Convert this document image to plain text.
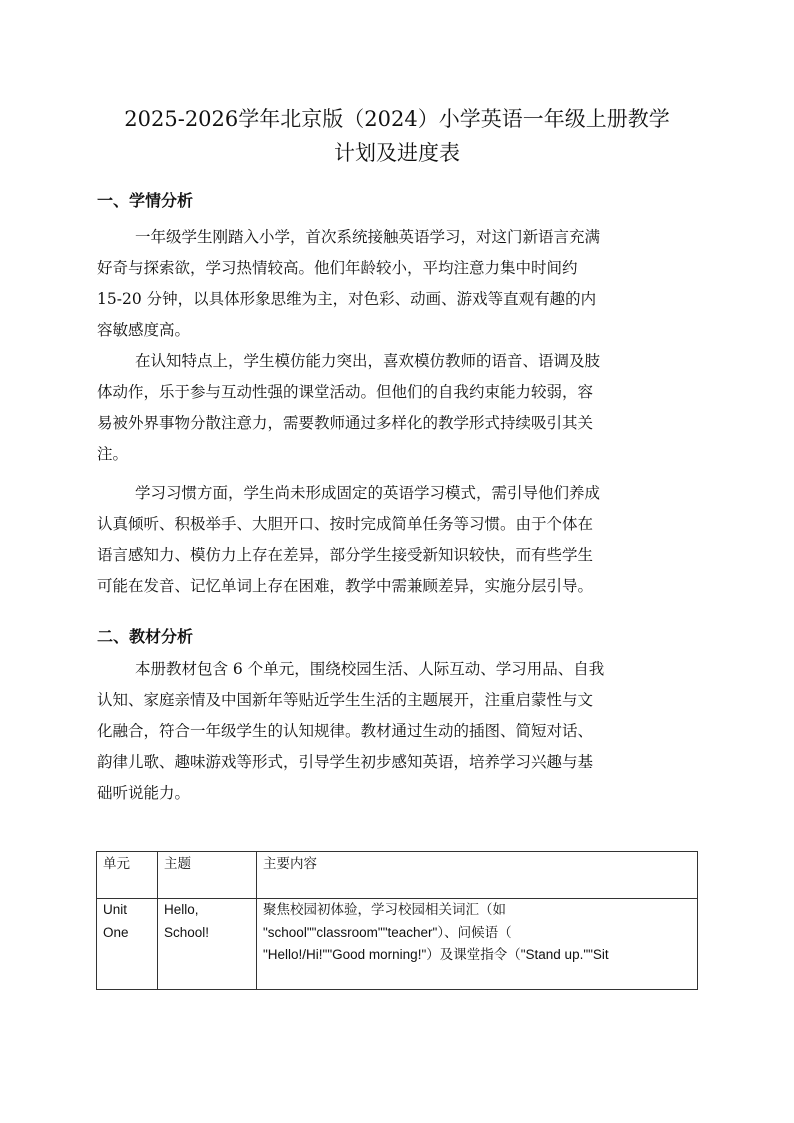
2025-2026学年北京版（2024）小学英语一年级上册教学
计划及进度表
一、学情分析
一年级学生刚踏入小学，首次系统接触英语学习，对这门新语言充满
好奇与探索欲，学习热情较高。他们年龄较小，平均注意力集中时间约
15-20 分钟，以具体形象思维为主，对色彩、动画、游戏等直观有趣的内
容敏感度高。
在认知特点上，学生模仿能力突出，喜欢模仿教师的语音、语调及肢
体动作，乐于参与互动性强的课堂活动。但他们的自我约束能力较弱，容
易被外界事物分散注意力，需要教师通过多样化的教学形式持续吸引其关
注。
学习习惯方面，学生尚未形成固定的英语学习模式，需引导他们养成
认真倾听、积极举手、大胆开口、按时完成简单任务等习惯。由于个体在
语言感知力、模仿力上存在差异，部分学生接受新知识较快，而有些学生
可能在发音、记忆单词上存在困难，教学中需兼顾差异，实施分层引导。
二、教材分析
本册教材包含 6 个单元，围绕校园生活、人际互动、学习用品、自我
认知、家庭亲情及中国新年等贴近学生生活的主题展开，注重启蒙性与文
化融合，符合一年级学生的认知规律。教材通过生动的插图、简短对话、
韵律儿歌、趣味游戏等形式，引导学生初步感知英语，培养学习兴趣与基
础听说能力。
单元	主题	主要内容

Unit
One	Hello,
School!	聚焦校园初体验，学习校园相关词汇（如
"school""classroom""teacher"）、问候语（
"Hello!/Hi!""Good morning!"）及课堂指令（"Stand up.""Sit
